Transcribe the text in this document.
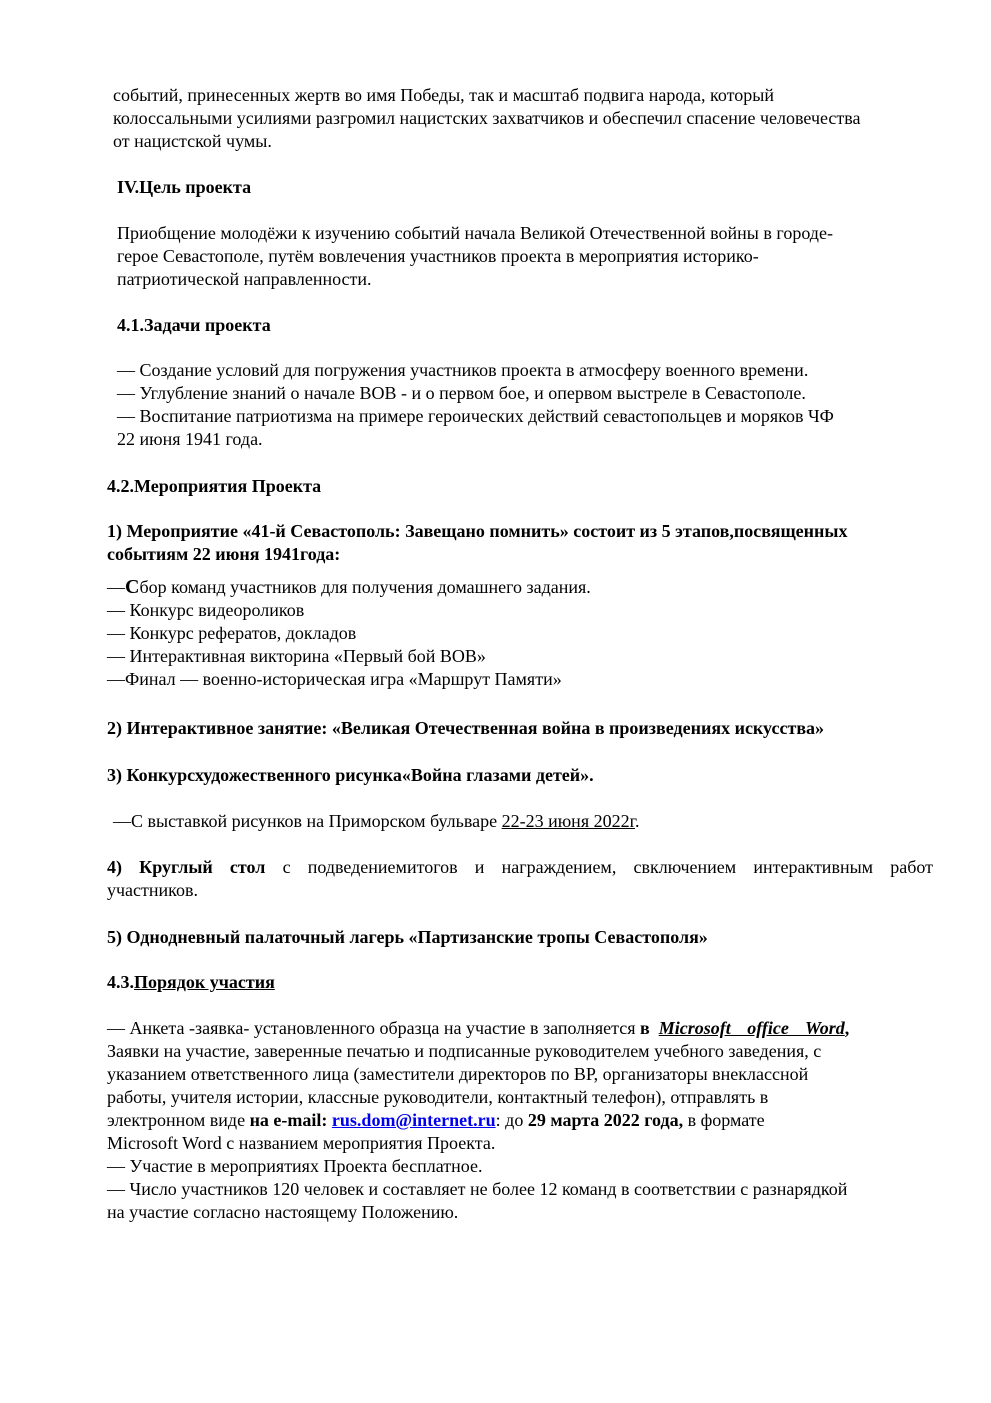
событий, принесенных жертв во имя Победы, так и масштаб подвига народа, который
колоссальными усилиями разгромил нацистских захватчиков и обеспечил спасение человечества
от нацистской чумы.
IV.Цель проекта
Приобщение молодёжи к изучению событий начала Великой Отечественной войны в городе-
герое Севастополе, путём вовлечения участников проекта в мероприятия историко-
патриотической направленности.
4.1.Задачи проекта
— Создание условий для погружения участников проекта в атмосферу военного времени.
— Углубление знаний о начале ВОВ - и о первом бое, и опервом выстреле в Севастополе.
— Воспитание патриотизма на примере героических действий севастопольцев и моряков ЧФ
22 июня 1941 года.
4.2.Мероприятия Проекта
1) Мероприятие «41-й Севастополь: Завещано помнить» состоит из 5 этапов,посвященных
событиям 22 июня 1941года:
—Сбор команд участников для получения домашнего задания.
— Конкурс видеороликов
— Конкурс рефератов, докладов
— Интерактивная викторина «Первый бой ВОВ»
—Финал — военно-историческая игра «Маршрут Памяти»
2) Интерактивное занятие: «Великая Отечественная война в произведениях искусства»
3) Конкурсхудожественного рисунка«Война глазами детей».
—С выставкой рисунков на Приморском бульваре 22-23 июня 2022г.
4) Круглый стол с подведениемитогов и награждением, свключением интерактивным работ
участников.
5) Однодневный палаточный лагерь «Партизанские тропы Севастополя»
4.3.Порядок участия
— Анкета -заявка- установленного образца на участие в заполняется в Microsoft office Word,
Заявки на участие, заверенные печатью и подписанные руководителем учебного заведения, с
указанием ответственного лица (заместители директоров по ВР, организаторы внеклассной
работы, учителя истории, классные руководители, контактный телефон), отправлять в
электронном виде на e-mail: rus.dom@internet.ru: до 29 марта 2022 года, в формате
Microsoft Word с названием мероприятия Проекта.
— Участие в мероприятиях Проекта бесплатное.
— Число участников 120 человек и составляет не более 12 команд в соответствии с разнарядкой
на участие согласно настоящему Положению.
